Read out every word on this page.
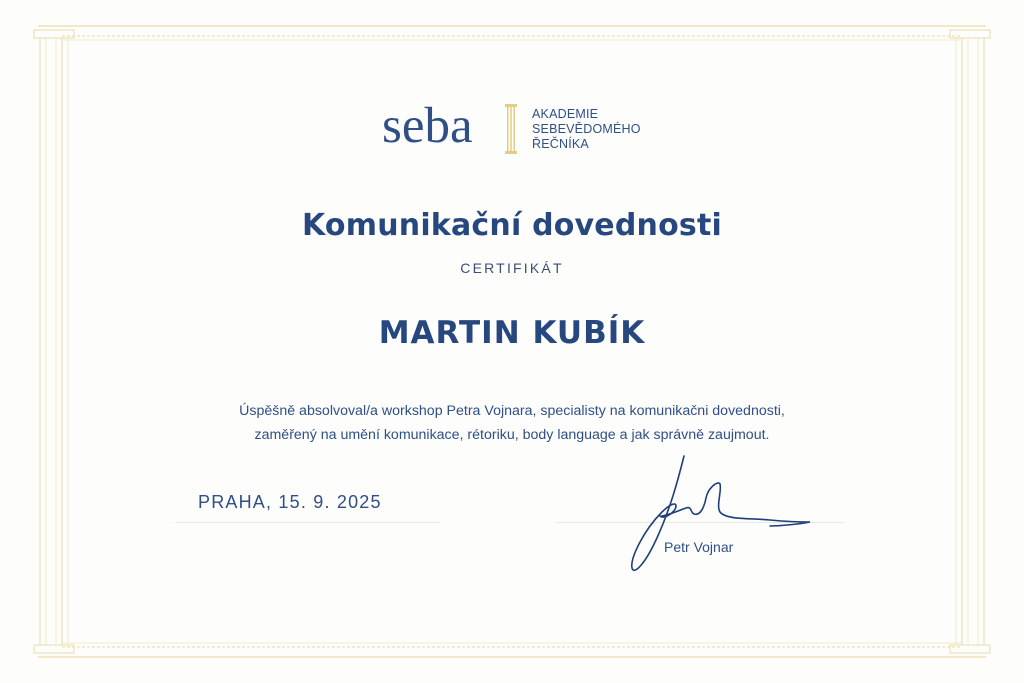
seba	AKADEMIE
SEBEVĚDOMÉHO
ŘEČNÍKA
Komunikační dovednosti
CERTIFIKÁT
MARTIN KUBÍK
Úspěšně absolvoval/a workshop Petra Vojnara, specialisty na komunikačni dovednosti,
zaměřený na umění komunikace, rétoriku, body language a jak správně zaujmout.
PRAHA, 15. 9. 2025
Petr Vojnar
